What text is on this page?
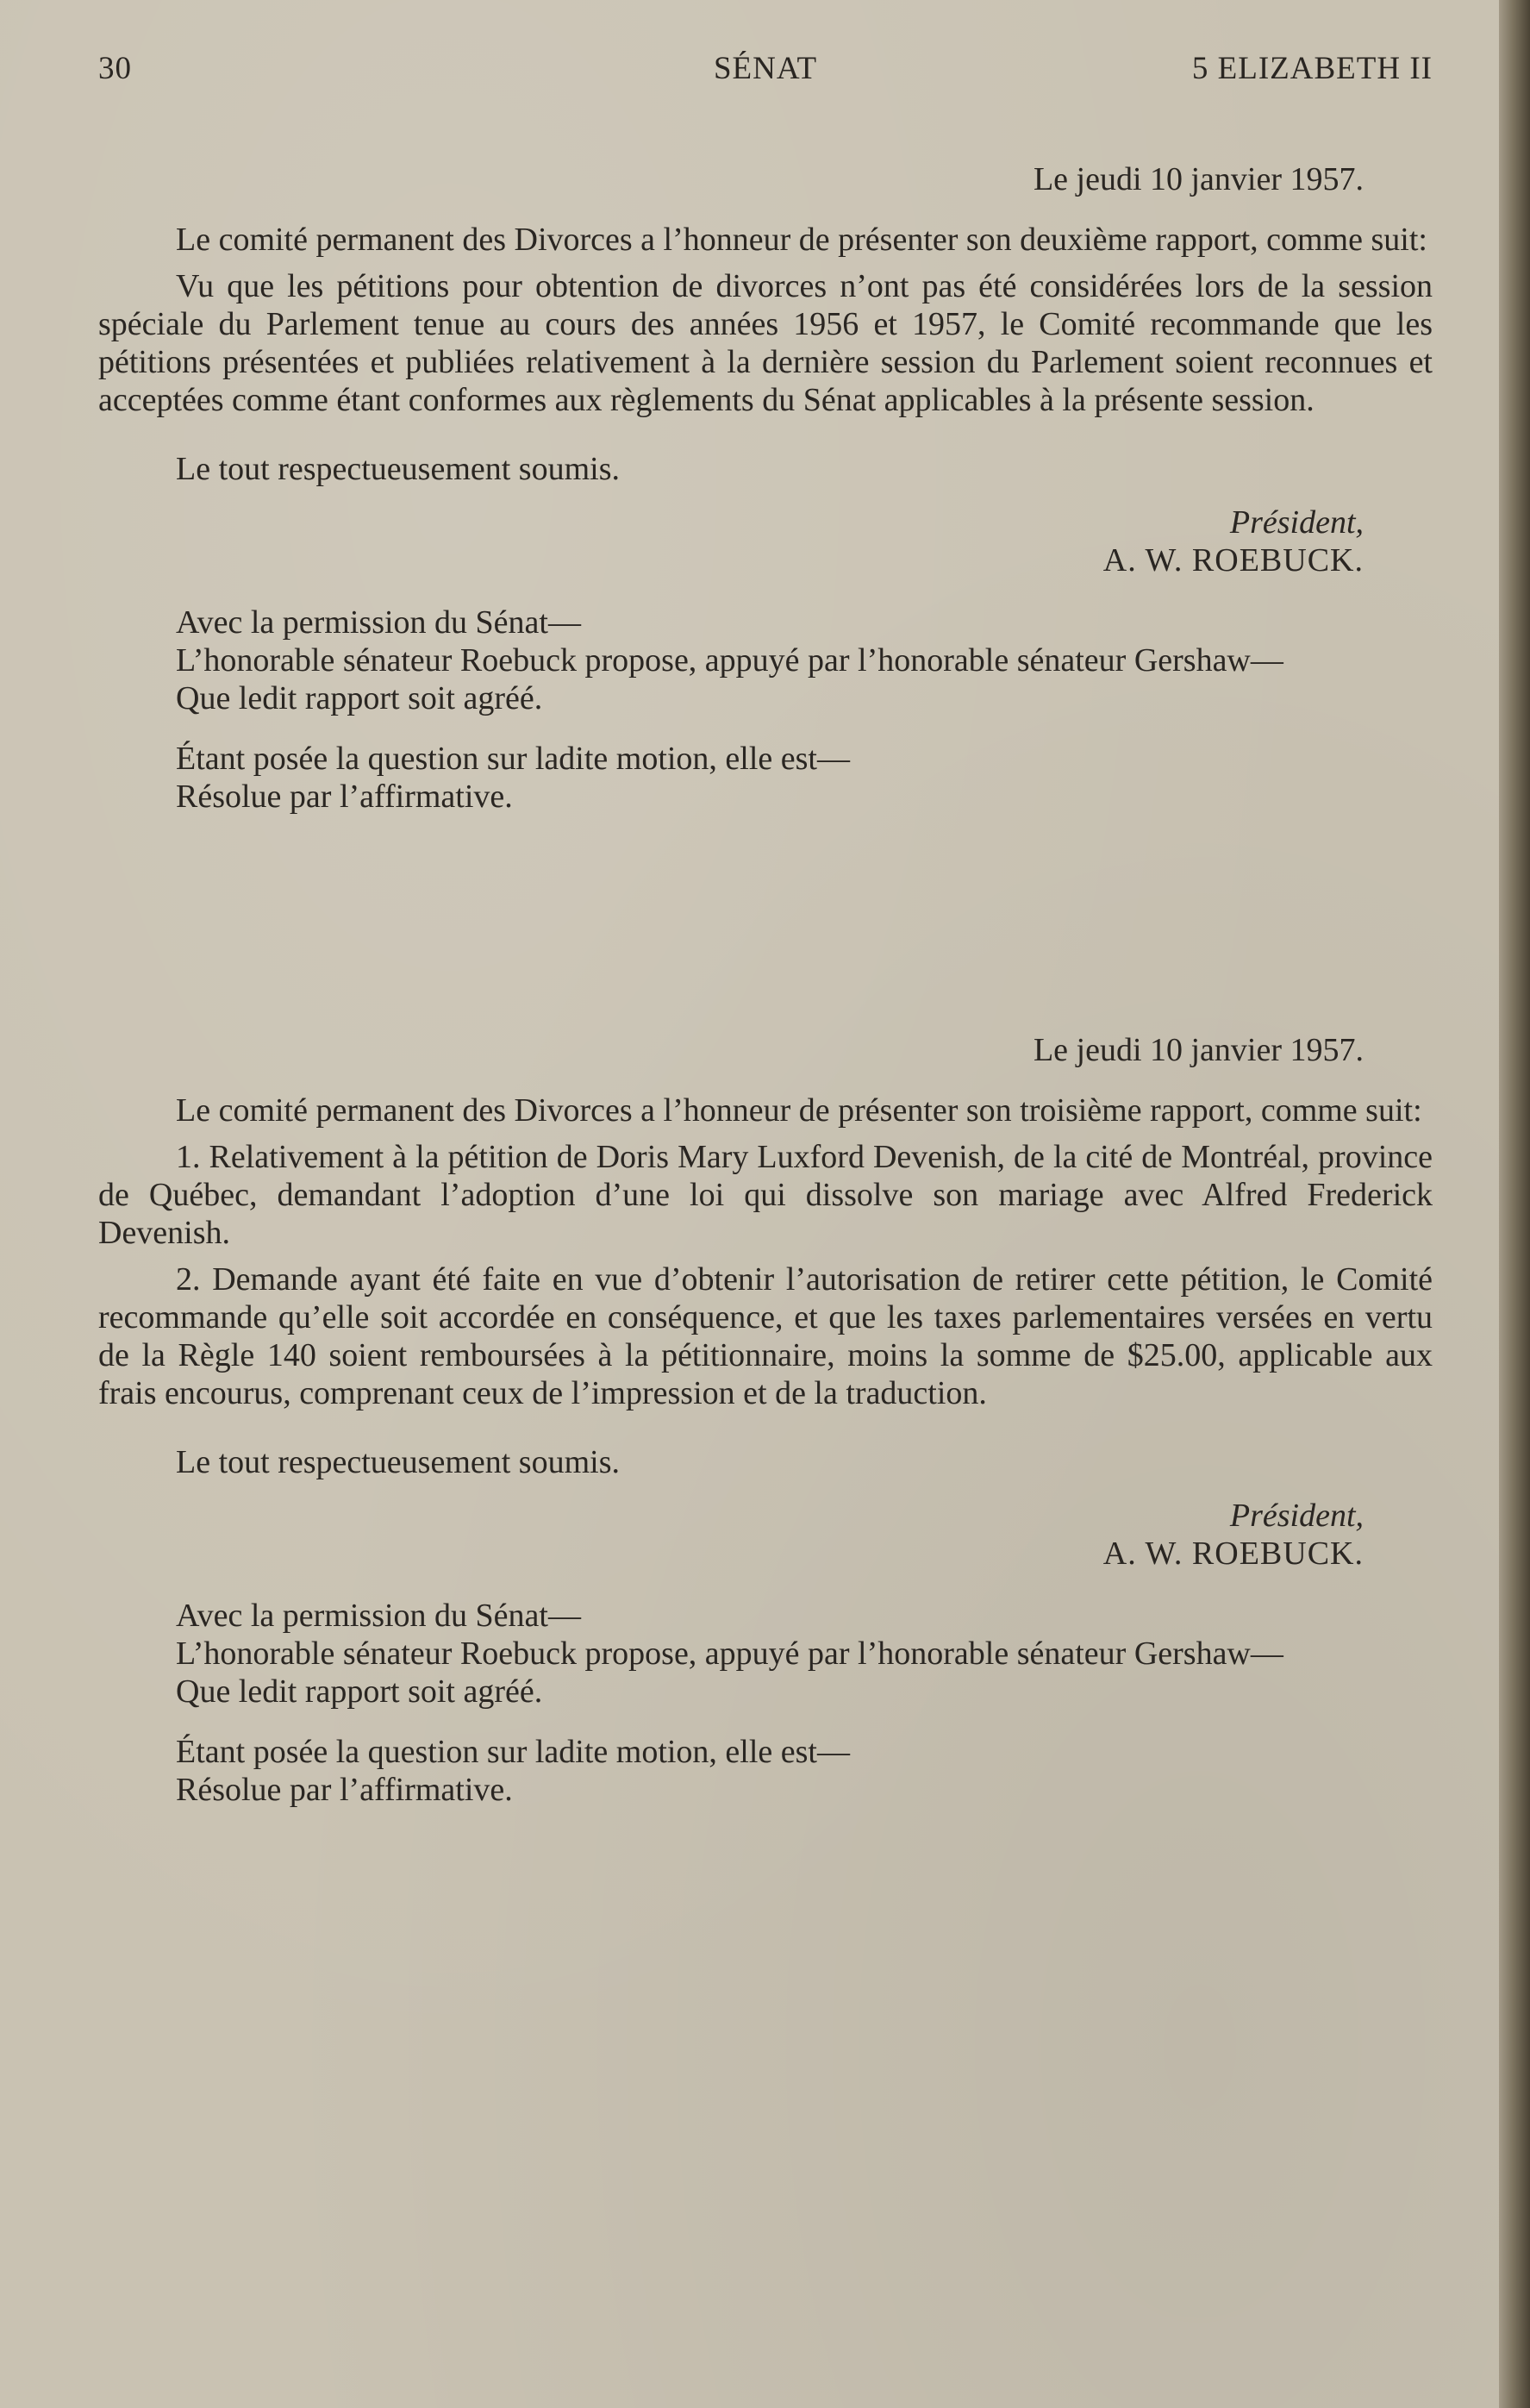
30	SÉNAT	5 ELIZABETH II
Le jeudi 10 janvier 1957.

Le comité permanent des Divorces a l’honneur de présenter son deuxième rapport, comme suit:

Vu que les pétitions pour obtention de divorces n’ont pas été considérées lors de la session spéciale du Parlement tenue au cours des années 1956 et 1957, le Comité recommande que les pétitions présentées et publiées relativement à la dernière session du Parlement soient reconnues et acceptées comme étant conformes aux règlements du Sénat applicables à la présente session.

Le tout respectueusement soumis.
Président,
A. W. ROEBUCK.
Avec la permission du Sénat—
L’honorable sénateur Roebuck propose, appuyé par l’honorable sénateur Gershaw—
Que ledit rapport soit agréé.
Étant posée la question sur ladite motion, elle est—
Résolue par l’affirmative.
Le jeudi 10 janvier 1957.

Le comité permanent des Divorces a l’honneur de présenter son troisième rapport, comme suit:

1. Relativement à la pétition de Doris Mary Luxford Devenish, de la cité de Montréal, province de Québec, demandant l’adoption d’une loi qui dissolve son mariage avec Alfred Frederick Devenish.

2. Demande ayant été faite en vue d’obtenir l’autorisation de retirer cette pétition, le Comité recommande qu’elle soit accordée en conséquence, et que les taxes parlementaires versées en vertu de la Règle 140 soient remboursées à la pétitionnaire, moins la somme de $25.00, applicable aux frais encourus, comprenant ceux de l’impression et de la traduction.

Le tout respectueusement soumis.
Président,
A. W. ROEBUCK.
Avec la permission du Sénat—
L’honorable sénateur Roebuck propose, appuyé par l’honorable sénateur Gershaw—
Que ledit rapport soit agréé.
Étant posée la question sur ladite motion, elle est—
Résolue par l’affirmative.
